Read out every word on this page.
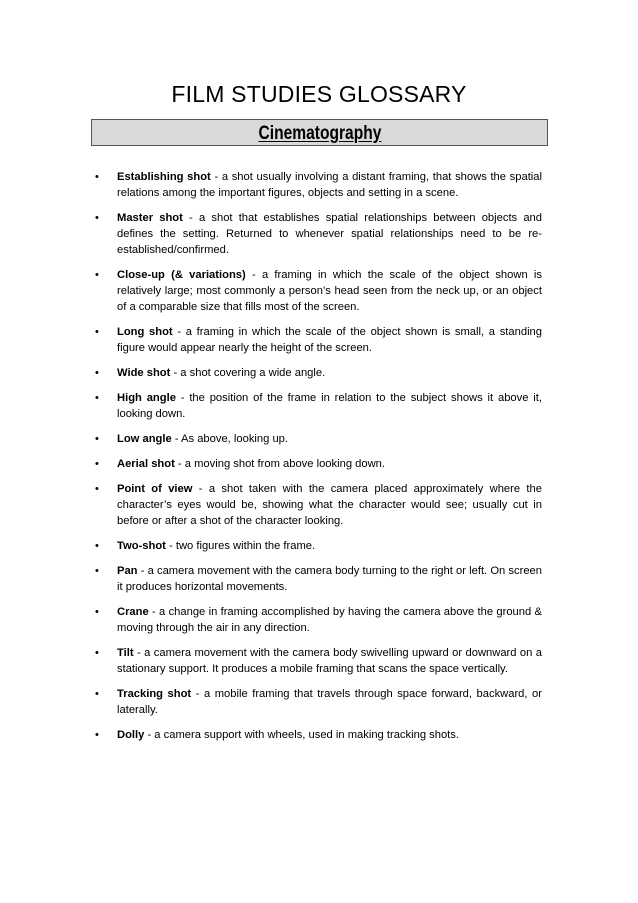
FILM STUDIES GLOSSARY
Cinematography
• Establishing shot - a shot usually involving a distant framing, that shows the spatial relations among the important figures, objects and setting in a scene.
• Master shot - a shot that establishes spatial relationships between objects and defines the setting. Returned to whenever spatial relationships need to be re-established/confirmed.
• Close-up (& variations) - a framing in which the scale of the object shown is relatively large; most commonly a person’s head seen from the neck up, or an object of a comparable size that fills most of the screen.
• Long shot - a framing in which the scale of the object shown is small, a standing figure would appear nearly the height of the screen.
• Wide shot - a shot covering a wide angle.
• High angle - the position of the frame in relation to the subject shows it above it, looking down.
• Low angle - As above, looking up.
• Aerial shot - a moving shot from above looking down.
• Point of view - a shot taken with the camera placed approximately where the character’s eyes would be, showing what the character would see; usually cut in before or after a shot of the character looking.
• Two-shot - two figures within the frame.
• Pan - a camera movement with the camera body turning to the right or left. On screen it produces horizontal movements.
• Crane - a change in framing accomplished by having the camera above the ground & moving through the air in any direction.
• Tilt - a camera movement with the camera body swivelling upward or downward on a stationary support. It produces a mobile framing that scans the space vertically.
• Tracking shot - a mobile framing that travels through space forward, backward, or laterally.
• Dolly - a camera support with wheels, used in making tracking shots.
